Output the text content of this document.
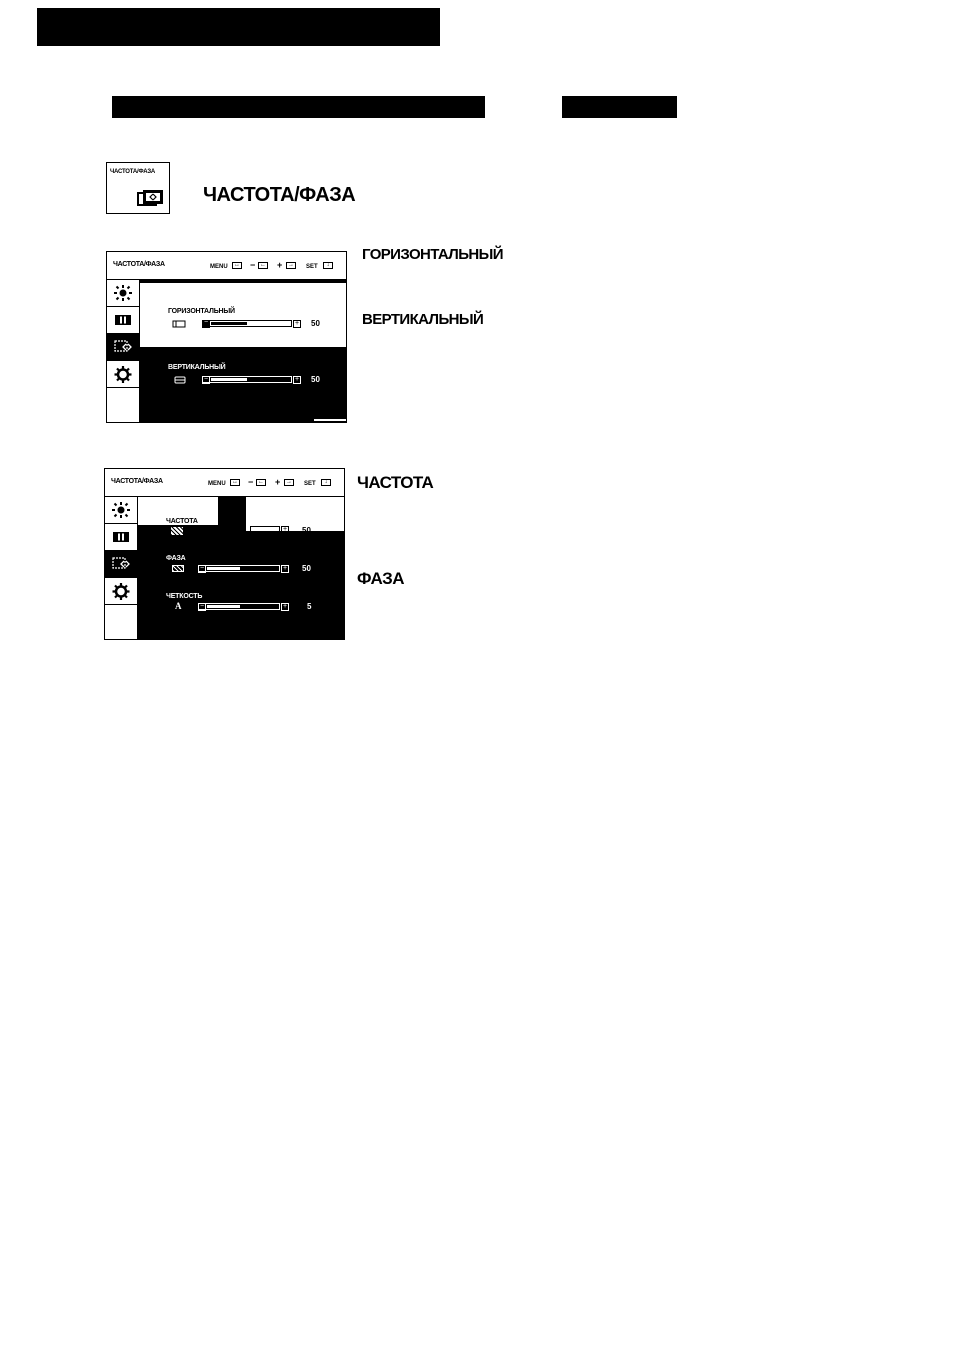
ЧАСТОТА/ФАЗА
ЧАСТОТА/ФАЗА
ЧАСТОТА/ФАЗА	MENU	↔ − ← + →	SET	↓
ГОРИЗОНТАЛЬНЫЙ
−	+ 50
ВЕРТИКАЛЬНЫЙ
−	+ 50
ГОРИЗОНТАЛЬНЫЙ
ВЕРТИКАЛЬНЫЙ
ЧАСТОТА/ФАЗА	MENU	↔ − ← + →	SET	↓
ЧАСТОТА
+ 50
ФАЗА
−	+ 50
ЧЕТКОСТЬ
A	−	+ 5
ЧАСТОТА
ФАЗА
